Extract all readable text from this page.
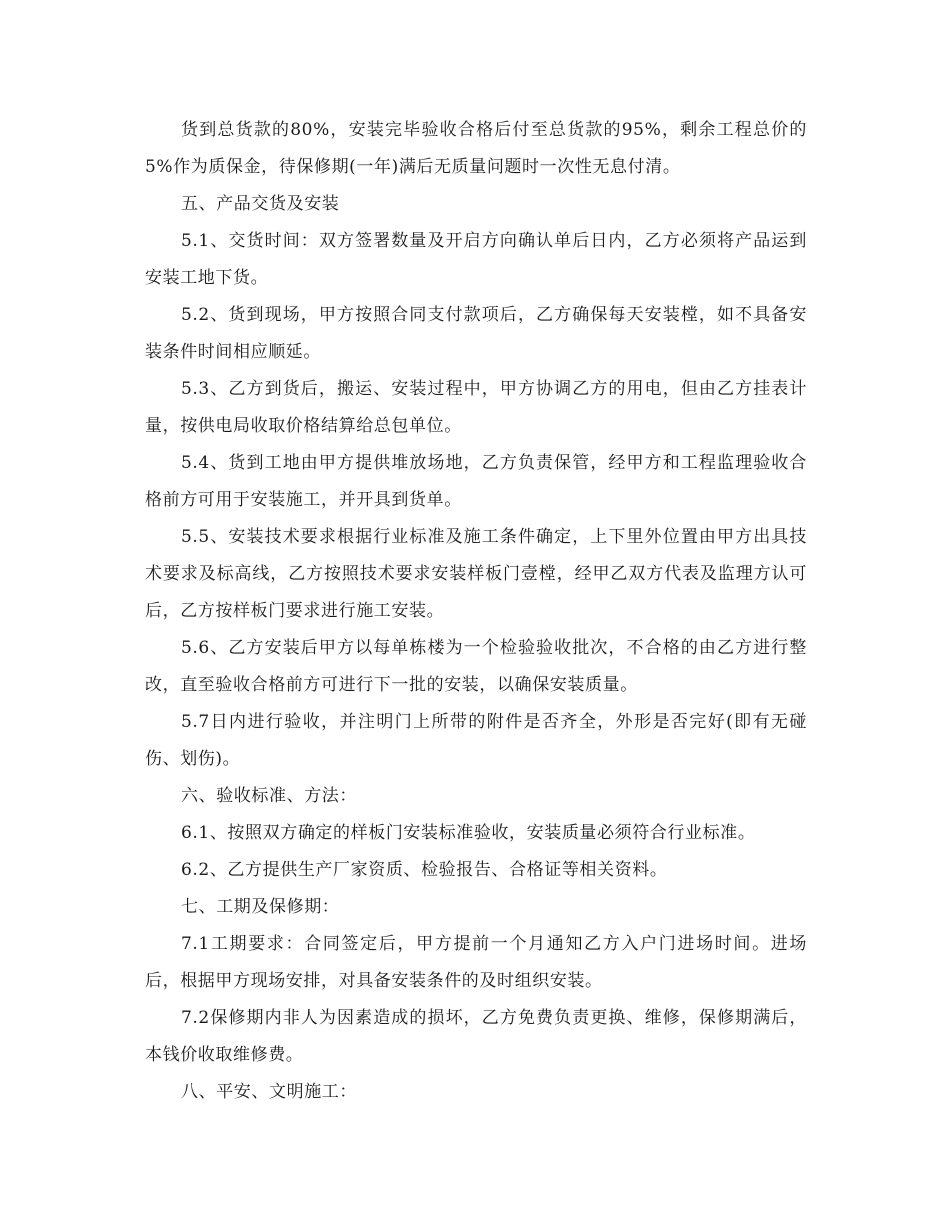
货到总货款的80%，安装完毕验收合格后付至总货款的95%，剩余工程总价的5%作为质保金，待保修期(一年)满后无质量问题时一次性无息付清。

五、产品交货及安装

5.1、交货时间：双方签署数量及开启方向确认单后日内，乙方必须将产品运到安装工地下货。

5.2、货到现场，甲方按照合同支付款项后，乙方确保每天安装樘，如不具备安装条件时间相应顺延。

5.3、乙方到货后，搬运、安装过程中，甲方协调乙方的用电，但由乙方挂表计量，按供电局收取价格结算给总包单位。

5.4、货到工地由甲方提供堆放场地，乙方负责保管，经甲方和工程监理验收合格前方可用于安装施工，并开具到货单。

5.5、安装技术要求根据行业标准及施工条件确定，上下里外位置由甲方出具技术要求及标高线，乙方按照技术要求安装样板门壹樘，经甲乙双方代表及监理方认可后，乙方按样板门要求进行施工安装。

5.6、乙方安装后甲方以每单栋楼为一个检验验收批次，不合格的由乙方进行整改，直至验收合格前方可进行下一批的安装，以确保安装质量。

5.7日内进行验收，并注明门上所带的附件是否齐全，外形是否完好(即有无碰伤、划伤)。

六、验收标准、方法：

6.1、按照双方确定的样板门安装标准验收，安装质量必须符合行业标准。

6.2、乙方提供生产厂家资质、检验报告、合格证等相关资料。

七、工期及保修期：

7.1工期要求：合同签定后，甲方提前一个月通知乙方入户门进场时间。进场后，根据甲方现场安排，对具备安装条件的及时组织安装。

7.2保修期内非人为因素造成的损坏，乙方免费负责更换、维修，保修期满后，本钱价收取维修费。

八、平安、文明施工：
